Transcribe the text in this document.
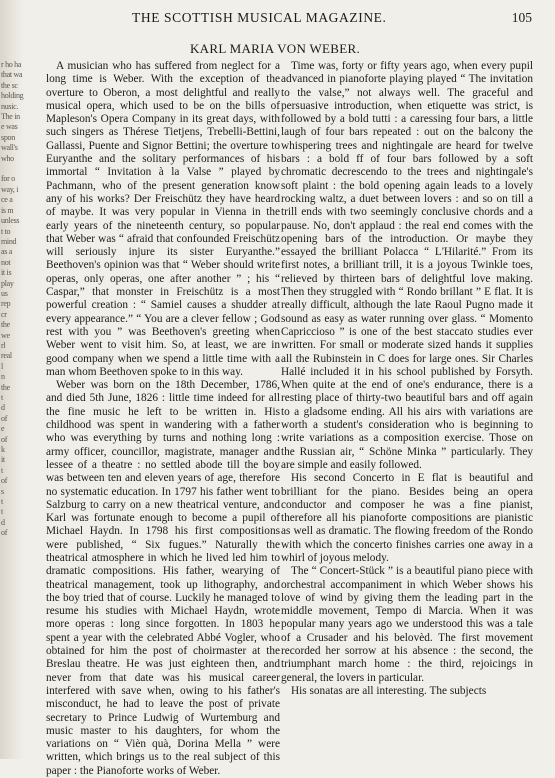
r ho ha
that wa
the sc
holding
nusic.
The in
e was
spon
wall's
who

for o
way, i
ce a
is m
unless
t to
mind
as a
not
it is
play
us
rep
cr
the
we
rl
real
l
n
the
t
d
of
e
of
k
it
t
of
s
t
t
d
of

THE SCOTTISH MUSICAL MAGAZINE.	105
KARL MARIA VON WEBER.

A musician who has suffered from neglect for a long time is Weber. With the exception of the overture to Oberon, a most delightful and really musical opera, which used to be on the bills of Mapleson's Opera Company in its great days, with such singers as Thérese Tietjens, Trebelli-Bettini, Gallassi, Puente and Signor Bettini; the overture to Euryanthe and the solitary performances of his immortal “ Invitation à la Valse ” played by Pachmann, who of the present generation know any of his works? Der Freischütz they have heard of maybe. It was very popular in Vienna in the early years of the nineteenth century, so popular that Weber was “ afraid that confounded Freischütz will seriously injure its sister Euryanthe.” Beethoven's opinion was that “ Weber should write operas, only operas, one after another ” ; his “ Caspar,” that monster in Freischütz is a most powerful creation : “ Samiel causes a shudder at every appearance.” “ You are a clever fellow ; God rest with you ” was Beethoven's greeting when Weber went to visit him. So, at least, we are in good company when we spend a little time with a man whom Beethoven spoke to in this way.

Weber was born on the 18th December, 1786, and died 5th June, 1826 : little time indeed for all the fine music he left to be written in. His childhood was spent in wandering with a father who was everything by turns and nothing long : army officer, councillor, magistrate, manager and lessee of a theatre : no settled abode till the boy was between ten and eleven years of age, therefore no systematic education. In 1797 his father went to Salzburg to carry on a new theatrical venture, and Karl was fortunate enough to become a pupil of Michael Haydn. In 1798 his first compositions were published, “ Six fugues.” Naturally the theatrical atmosphere in which he lived led him to dramatic compositions. His father, wearying of theatrical management, took up lithography, and the boy tried that of course. Luckily he managed to resume his studies with Michael Haydn, wrote more operas : long since forgotten. In 1803 he spent a year with the celebrated Abbé Vogler, who obtained for him the post of choirmaster at the Breslau theatre. He was just eighteen then, and never from that date was his musical career interfered with save when, owing to his father's misconduct, he had to leave the post of private secretary to Prince Ludwig of Wurtemburg and music master to his daughters, for whom the variations on “ Vièn quà, Dorina Mella ” were written, which brings us to the real subject of this paper : the Pianoforte works of Weber.

Time was, forty or fifty years ago, when every pupil advanced in pianoforte playing played “ The invitation to the valse,” not always well. The graceful and persuasive introduction, when etiquette was strict, is followed by a bold tutti : a caressing four bars, a little laugh of four bars repeated : out on the balcony the whispering trees and nightingale are heard for twelve bars : a bold ff of four bars followed by a soft chromatic decrescendo to the trees and nightingale's soft plaint : the bold opening again leads to a lovely rocking waltz, a duet between lovers : and so on till a trill ends with two seemingly conclusive chords and a pause. No, don't applaud : the real end comes with the opening bars of the introduction. Or maybe they essayed the brilliant Polacca “ L'Hilarité.” From its first notes, a brilliant trill, it is a joyous Twinkle toes, relieved by thirteen bars of delightful love making. Then they struggled with “ Rondo brillant ” E flat. It is really difficult, although the late Raoul Pugno made it sound as easy as water running over glass. “ Momento Capriccioso ” is one of the best staccato studies ever written. For small or moderate sized hands it supplies all the Rubinstein in C does for large ones. Sir Charles Hallé included it in his school published by Forsyth. When quite at the end of one's endurance, there is a resting place of thirty-two beautiful bars and off again to a gladsome ending. All his airs with variations are worth a student's consideration who is beginning to write variations as a composition exercise. Those on the Russian air, “ Schöne Minka ” particularly. They are simple and easily followed.

His second Concerto in E flat is beautiful and brilliant for the piano. Besides being an opera conductor and composer he was a fine pianist, therefore all his pianoforte compositions are pianistic as well as dramatic. The flowing freedom of the Rondo with which the concerto finishes carries one away in a whirl of joyous melody.

The “ Concert-Stück ” is a beautiful piano piece with orchestral accompaniment in which Weber shows his love of wind by giving them the leading part in the middle movement, Tempo di Marcia. When it was popular many years ago we understood this was a tale of a Crusader and his belovèd. The first movement recorded her sorrow at his absence : the second, the triumphant march home : the third, rejoicings in general, the lovers in particular.

His sonatas are all interesting. The subjects
